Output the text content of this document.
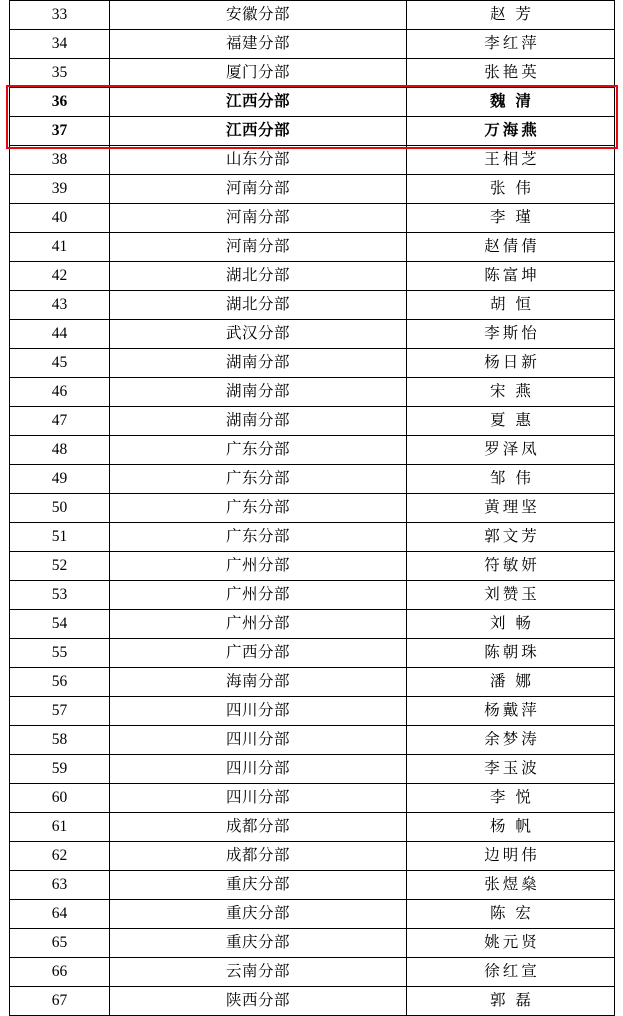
33	安徽分部	赵 芳
34	福建分部	李红萍
35	厦门分部	张艳英
36	江西分部	魏 清
37	江西分部	万海燕
38	山东分部	王相芝
39	河南分部	张 伟
40	河南分部	李 瑾
41	河南分部	赵倩倩
42	湖北分部	陈富坤
43	湖北分部	胡 恒
44	武汉分部	李斯怡
45	湖南分部	杨日新
46	湖南分部	宋 燕
47	湖南分部	夏 惠
48	广东分部	罗泽凤
49	广东分部	邹 伟
50	广东分部	黄理坚
51	广东分部	郭文芳
52	广州分部	符敏妍
53	广州分部	刘赞玉
54	广州分部	刘 畅
55	广西分部	陈朝珠
56	海南分部	潘 娜
57	四川分部	杨戴萍
58	四川分部	余梦涛
59	四川分部	李玉波
60	四川分部	李 悦
61	成都分部	杨 帆
62	成都分部	边明伟
63	重庆分部	张煜燊
64	重庆分部	陈 宏
65	重庆分部	姚元贤
66	云南分部	徐红宣
67	陕西分部	郭 磊
